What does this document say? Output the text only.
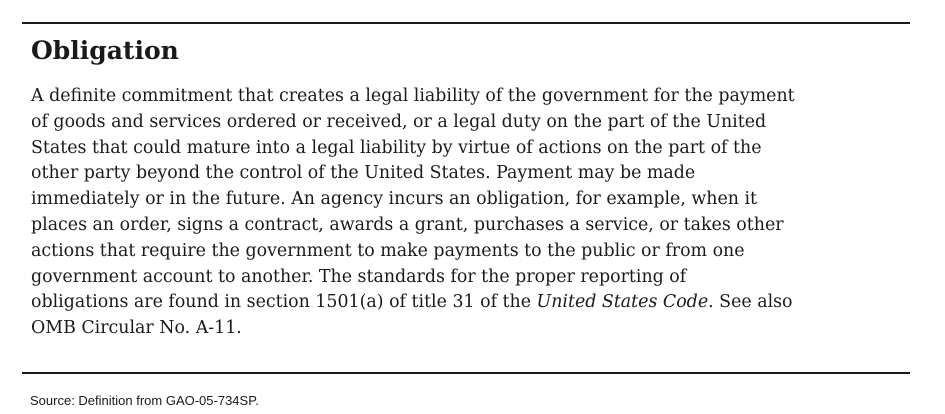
Obligation
A definite commitment that creates a legal liability of the government for the payment
of goods and services ordered or received, or a legal duty on the part of the United
States that could mature into a legal liability by virtue of actions on the part of the
other party beyond the control of the United States. Payment may be made
immediately or in the future. An agency incurs an obligation, for example, when it
places an order, signs a contract, awards a grant, purchases a service, or takes other
actions that require the government to make payments to the public or from one
government account to another. The standards for the proper reporting of
obligations are found in section 1501(a) of title 31 of the United States Code. See also
OMB Circular No. A-11.
Source: Definition from GAO-05-734SP.
